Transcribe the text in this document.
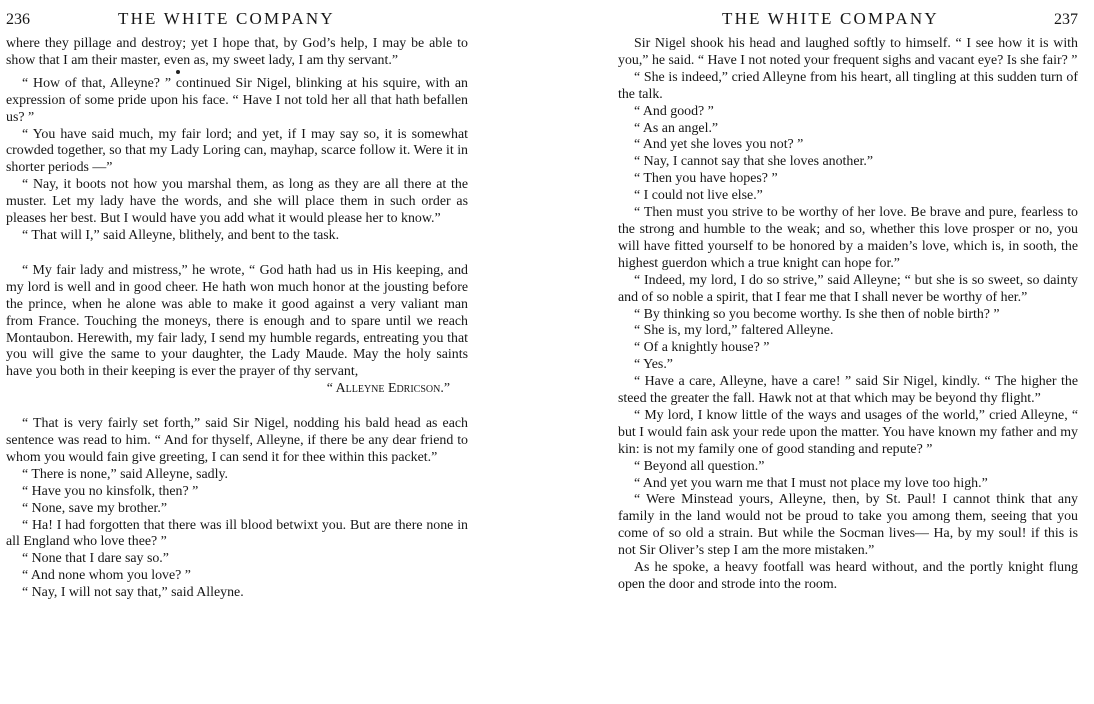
236	THE WHITE COMPANY

where they pillage and destroy; yet I hope that, by God’s help, I may be able to show that I am their master, even as, my sweet lady, I am thy servant.”

“ How of that, Alleyne? ” continued Sir Nigel, blinking at his squire, with an expression of some pride upon his face. “ Have I not told her all that hath befallen us? ”

“ You have said much, my fair lord; and yet, if I may say so, it is somewhat crowded together, so that my Lady Loring can, mayhap, scarce follow it. Were it in shorter periods —”

“ Nay, it boots not how you marshal them, as long as they are all there at the muster. Let my lady have the words, and she will place them in such order as pleases her best. But I would have you add what it would please her to know.”

“ That will I,” said Alleyne, blithely, and bent to the task.

“ My fair lady and mistress,” he wrote, “ God hath had us in His keeping, and my lord is well and in good cheer. He hath won much honor at the jousting before the prince, when he alone was able to make it good against a very valiant man from France. Touching the moneys, there is enough and to spare until we reach Montaubon. Herewith, my fair lady, I send my humble regards, entreating you that you will give the same to your daughter, the Lady Maude. May the holy saints have you both in their keeping is ever the prayer of thy servant,

“ Alleyne Edricson.”

“ That is very fairly set forth,” said Sir Nigel, nodding his bald head as each sentence was read to him. “ And for thyself, Alleyne, if there be any dear friend to whom you would fain give greeting, I can send it for thee within this packet.”

“ There is none,” said Alleyne, sadly.

“ Have you no kinsfolk, then? ”

“ None, save my brother.”

“ Ha! I had forgotten that there was ill blood betwixt you. But are there none in all England who love thee? ”

“ None that I dare say so.”

“ And none whom you love? ”

“ Nay, I will not say that,” said Alleyne.

THE WHITE COMPANY	237

Sir Nigel shook his head and laughed softly to himself. “ I see how it is with you,” he said. “ Have I not noted your frequent sighs and vacant eye? Is she fair? ”

“ She is indeed,” cried Alleyne from his heart, all tingling at this sudden turn of the talk.

“ And good? ”

“ As an angel.”

“ And yet she loves you not? ”

“ Nay, I cannot say that she loves another.”

“ Then you have hopes? ”

“ I could not live else.”

“ Then must you strive to be worthy of her love. Be brave and pure, fearless to the strong and humble to the weak; and so, whether this love prosper or no, you will have fitted yourself to be honored by a maiden’s love, which is, in sooth, the highest guerdon which a true knight can hope for.”

“ Indeed, my lord, I do so strive,” said Alleyne; “ but she is so sweet, so dainty and of so noble a spirit, that I fear me that I shall never be worthy of her.”

“ By thinking so you become worthy. Is she then of noble birth? ”

“ She is, my lord,” faltered Alleyne.

“ Of a knightly house? ”

“ Yes.”

“ Have a care, Alleyne, have a care! ” said Sir Nigel, kindly. “ The higher the steed the greater the fall. Hawk not at that which may be beyond thy flight.”

“ My lord, I know little of the ways and usages of the world,” cried Alleyne, “ but I would fain ask your rede upon the matter. You have known my father and my kin: is not my family one of good standing and repute? ”

“ Beyond all question.”

“ And yet you warn me that I must not place my love too high.”

“ Were Minstead yours, Alleyne, then, by St. Paul! I cannot think that any family in the land would not be proud to take you among them, seeing that you come of so old a strain. But while the Socman lives— Ha, by my soul! if this is not Sir Oliver’s step I am the more mistaken.”

As he spoke, a heavy footfall was heard without, and the portly knight flung open the door and strode into the room.
